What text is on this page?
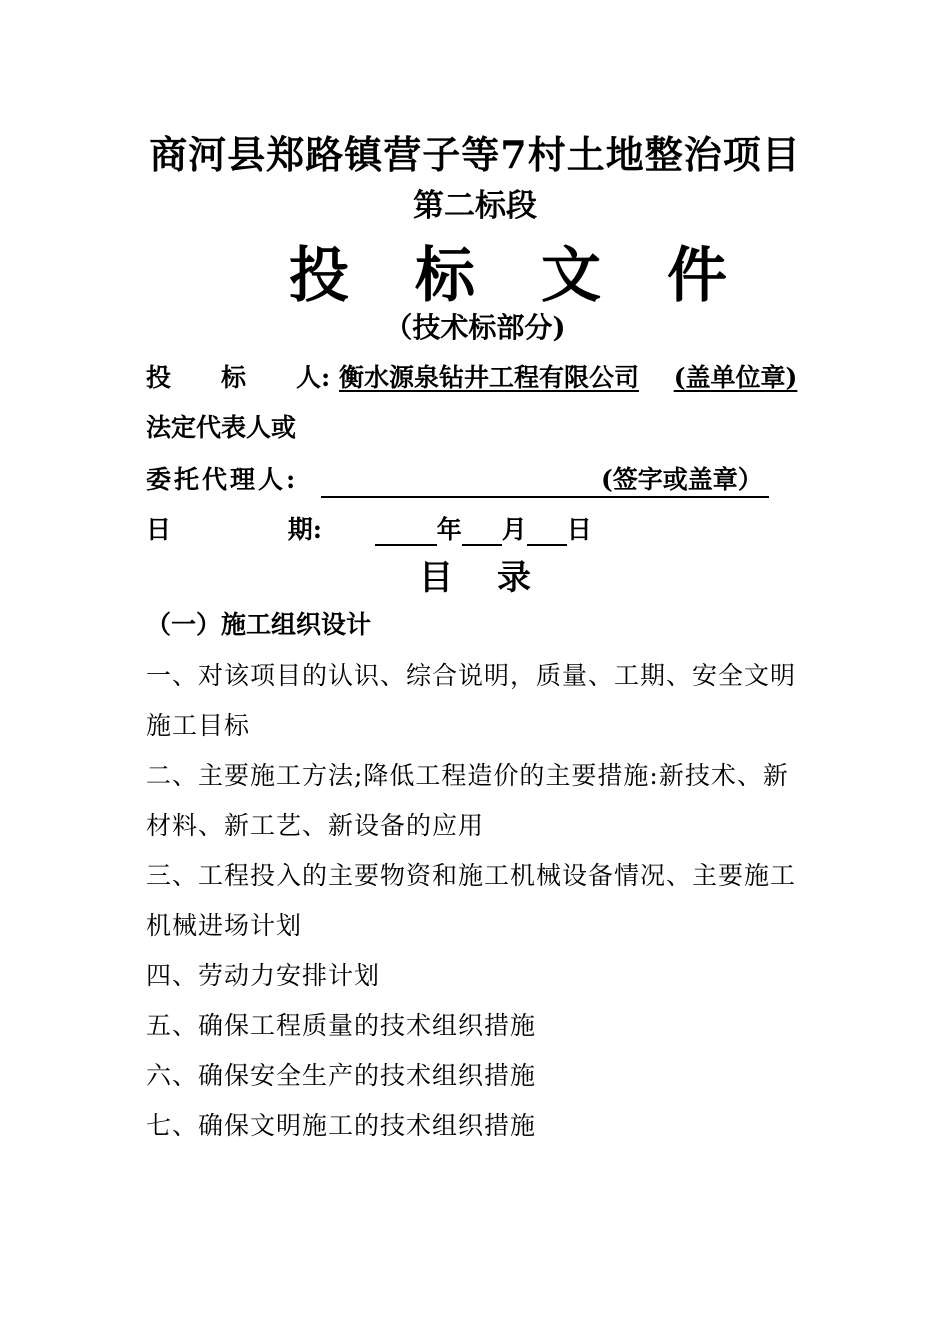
商河县郑路镇营子等7村土地整治项目
第二标段
投 标 文 件
（技术标部分)
投　　标　　人: 衡水源泉钻井工程有限公司 (盖单位章)
法定代表人或
委托代理人:	(签字或盖章）
日	期:	年 月 日
目 录
（一）施工组织设计
一、对该项目的认识、综合说明，质量、工期、安全文明
施工目标
二、主要施工方法;降低工程造价的主要措施:新技术、新
材料、新工艺、新设备的应用
三、工程投入的主要物资和施工机械设备情况、主要施工
机械进场计划
四、劳动力安排计划
五、确保工程质量的技术组织措施
六、确保安全生产的技术组织措施
七、确保文明施工的技术组织措施
